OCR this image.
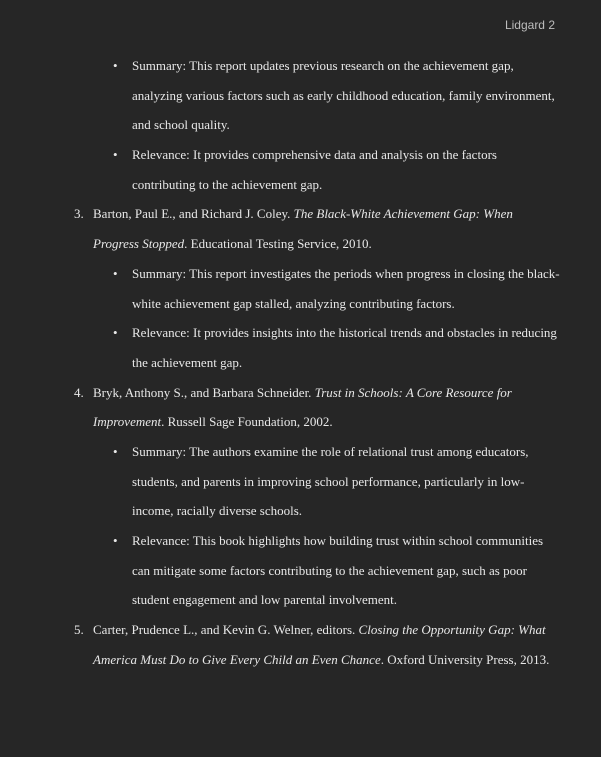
Lidgard 2
• Summary: This report updates previous research on the achievement gap,
analyzing various factors such as early childhood education, family environment,
and school quality.
• Relevance: It provides comprehensive data and analysis on the factors
contributing to the achievement gap.
3. Barton, Paul E., and Richard J. Coley. The Black-White Achievement Gap: When
Progress Stopped. Educational Testing Service, 2010.
• Summary: This report investigates the periods when progress in closing the black-
white achievement gap stalled, analyzing contributing factors.
• Relevance: It provides insights into the historical trends and obstacles in reducing
the achievement gap.
4. Bryk, Anthony S., and Barbara Schneider. Trust in Schools: A Core Resource for
Improvement. Russell Sage Foundation, 2002.
• Summary: The authors examine the role of relational trust among educators,
students, and parents in improving school performance, particularly in low-
income, racially diverse schools.
• Relevance: This book highlights how building trust within school communities
can mitigate some factors contributing to the achievement gap, such as poor
student engagement and low parental involvement.
5. Carter, Prudence L., and Kevin G. Welner, editors. Closing the Opportunity Gap: What
America Must Do to Give Every Child an Even Chance. Oxford University Press, 2013.
